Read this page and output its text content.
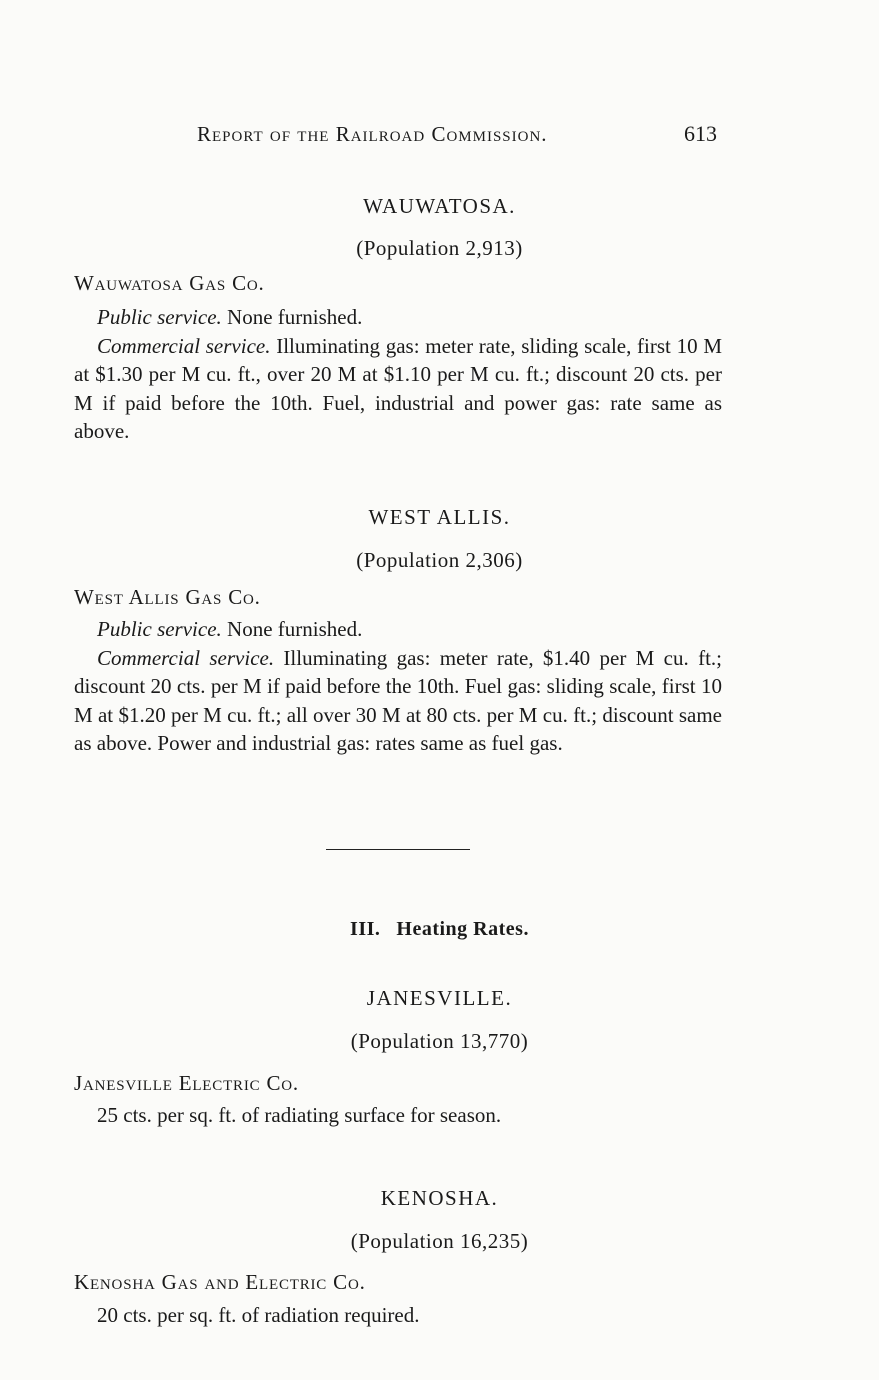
Report of the Railroad Commission.	613
WAUWATOSA.
(Population 2,913)
Wauwatosa Gas Co.

Public service. None furnished.

Commercial service. Illuminating gas: meter rate, sliding scale, first 10 M at $1.30 per M cu. ft., over 20 M at $1.10 per M cu. ft.; discount 20 cts. per M if paid before the 10th. Fuel, industrial and power gas: rate same as above.

WEST ALLIS.
(Population 2,306)
West Allis Gas Co.

Public service. None furnished.

Commercial service. Illuminating gas: meter rate, $1.40 per M cu. ft.; discount 20 cts. per M if paid before the 10th. Fuel gas: sliding scale, first 10 M at $1.20 per M cu. ft.; all over 30 M at 80 cts. per M cu. ft.; discount same as above. Power and industrial gas: rates same as fuel gas.

III. Heating Rates.
JANESVILLE.
(Population 13,770)
Janesville Electric Co.
25 cts. per sq. ft. of radiating surface for season.
KENOSHA.
(Population 16,235)
Kenosha Gas and Electric Co.
20 cts. per sq. ft. of radiation required.
